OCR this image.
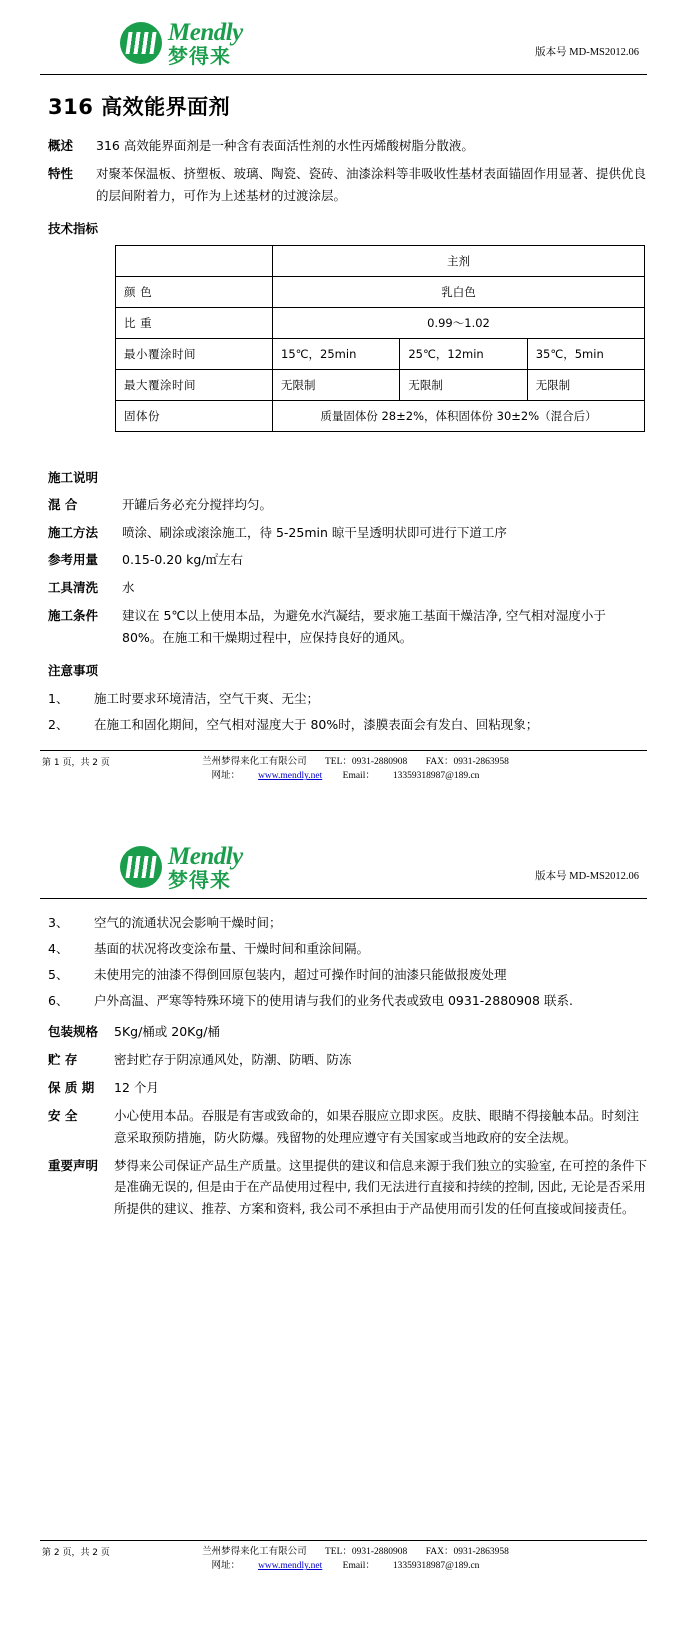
Mendly
梦得来	版本号 MD-MS2012.06
316 高效能界面剂
概述	316 高效能界面剂是一种含有表面活性剂的水性丙烯酸树脂分散液。
特性	对聚苯保温板、挤塑板、玻璃、陶瓷、瓷砖、油漆涂料等非吸收性基材表面锚固作用显著、提供优良的层间附着力，可作为上述基材的过渡涂层。
技术指标
	主剂		
颜 色	乳白色		
比 重	0.99～1.02		
最小覆涂时间	15℃，25min	25℃，12min	35℃，5min
最大覆涂时间	无限制	无限制	无限制
固体份	质量固体份 28±2%，体积固体份 30±2%（混合后）		
施工说明
混 合	开罐后务必充分搅拌均匀。
施工方法	喷涂、刷涂或滚涂施工，待 5-25min 晾干呈透明状即可进行下道工序
参考用量	0.15-0.20 kg/㎡左右
工具清洗	水
施工条件	建议在 5℃以上使用本品，为避免水汽凝结，要求施工基面干燥洁净, 空气相对湿度小于 80%。在施工和干燥期过程中，应保持良好的通风。
注意事项
1、	施工时要求环境清洁，空气干爽、无尘；
2、	在施工和固化期间，空气相对湿度大于 80%时，漆膜表面会有发白、回粘现象；
第 1 页，共 2 页	兰州梦得来化工有限公司 TEL：0931-2880908 FAX：0931-2863958
网址： www.mendly.net Email： 13359318987@189.cn
Mendly
梦得来	版本号 MD-MS2012.06
3、	空气的流通状况会影响干燥时间；
4、	基面的状况将改变涂布量、干燥时间和重涂间隔。
5、	未使用完的油漆不得倒回原包装内，超过可操作时间的油漆只能做报废处理
6、	户外高温、严寒等特殊环境下的使用请与我们的业务代表或致电 0931-2880908 联系.
包装规格	5Kg/桶或 20Kg/桶
贮 存	密封贮存于阴凉通风处，防潮、防晒、防冻
保 质 期	12 个月
安 全	小心使用本品。吞服是有害或致命的，如果吞服应立即求医。皮肤、眼睛不得接触本品。时刻注意采取预防措施，防火防爆。残留物的处理应遵守有关国家或当地政府的安全法规。
重要声明	梦得来公司保证产品生产质量。这里提供的建议和信息来源于我们独立的实验室, 在可控的条件下是准确无误的, 但是由于在产品使用过程中, 我们无法进行直接和持续的控制, 因此, 无论是否采用所提供的建议、推荐、方案和资料, 我公司不承担由于产品使用而引发的任何直接或间接责任。
第 2 页，共 2 页	兰州梦得来化工有限公司 TEL：0931-2880908 FAX：0931-2863958
网址： www.mendly.net Email： 13359318987@189.cn
